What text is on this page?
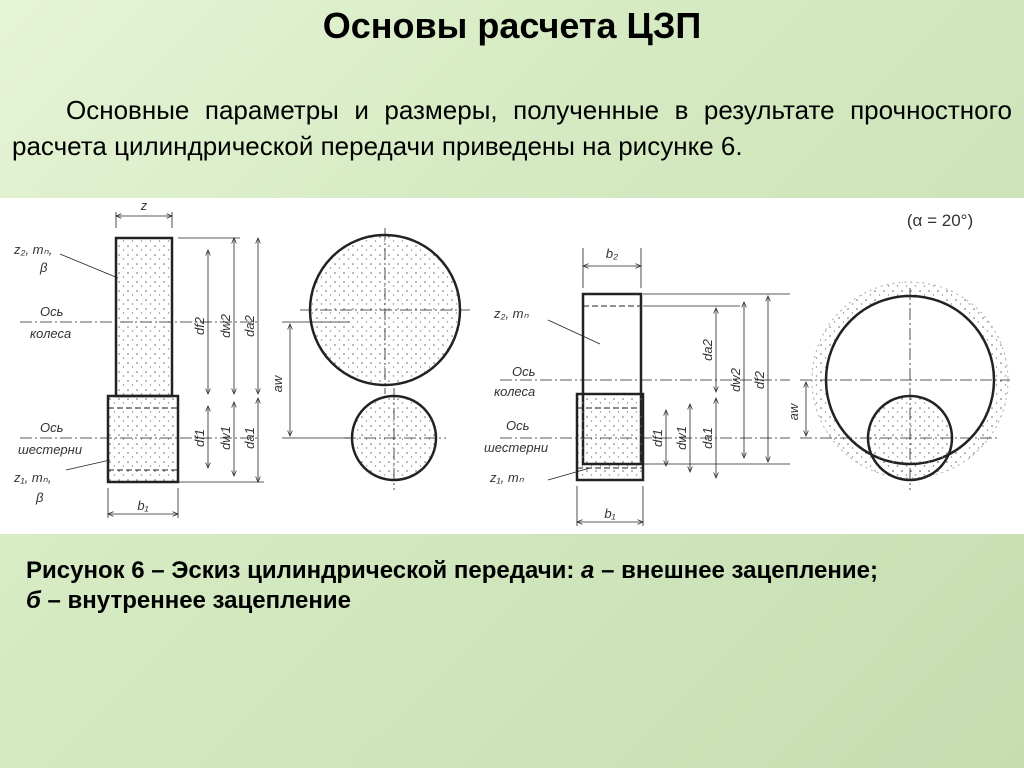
Основы расчета ЦЗП
Основные параметры и размеры, полученные в результате прочностного расчета цилиндрической передачи приведены на рисунке 6.
z
z₂, mₙ,
β
Ось
колеса
Ось
шестерни
z₁, mₙ,
β
b₁
df2 dw2 da2
df1 dw1 da1
aw
b₂
z₂, mₙ
Ось
колеса
Ось
шестерни
z₁, mₙ
b₁
df1 dw1 da1
da2
dw2 df2
(α = 20°)
aw
Рисунок 6 – Эскиз цилиндрической передачи: а – внешнее зацепление;
б – внутреннее зацепление
